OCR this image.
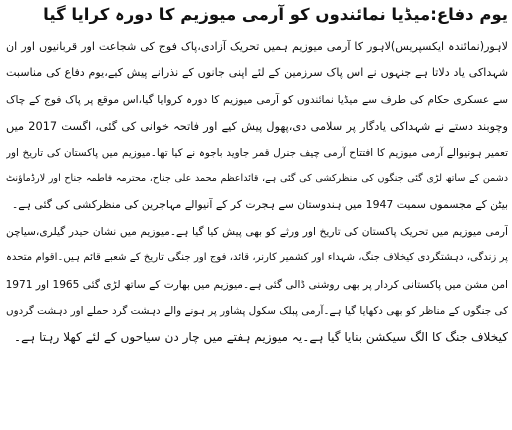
یوم دفاع:میڈیا نمائندوں کو آرمی میوزیم کا دورہ کرایا گیا
لاہور(نمائندہ ایکسپریس)لاہور کا آرمی میوزیم ہمیں تحریک آزادی،پاک فوج کی شجاعت اور قربانیوں اور ان
شہداکی یاد دلاتا ہے جنہوں نے اس پاک سرزمین کے لئے اپنی جانوں کے نذرانے پیش کیے،یوم دفاع کی مناسبت
سے عسکری حکام کی طرف سے میڈیا نمائندوں کو آرمی میوزیم کا دورہ کروایا گیا،اس موقع پر پاک فوج کے چاک
وچوبند دستے نے شہداکی یادگار پر سلامی دی،پھول پیش کیے اور فاتحہ خوانی کی گئی، اگست 2017 میں
تعمیر ہونیوالے آرمی میوزیم کا افتتاح آرمی چیف جنرل قمر جاوید باجوہ نے کیا تھا۔میوزیم میں پاکستان کی تاریخ اور
دشمن کے ساتھ لڑی گئی جنگوں کی منظرکشی کی گئی ہے، قائداعظم محمد علی جناح، محترمہ فاطمہ جناح اور لارڈماؤنٹ
بیٹن کے مجسموں سمیت 1947 میں ہندوستان سے ہجرت کر کے آنیوالے مہاجرین کی منظرکشی کی گئی ہے۔
آرمی میوزیم میں تحریک پاکستان کی تاریخ اور ورثے کو بھی پیش کیا گیا ہے۔میوزیم میں نشان حیدر گیلری،سیاچن
پر زندگی، دہشتگردی کیخلاف جنگ، شہداء اور کشمیر کارنر، قائد، فوج اور جنگی تاریخ کے شعبے قائم ہیں۔اقوام متحدہ
امن مشن میں پاکستانی کردار پر بھی روشنی ڈالی گئی ہے۔میوزیم میں بھارت کے ساتھ لڑی گئی 1965 اور 1971
کی جنگوں کے مناظر کو بھی دکھایا گیا ہے۔آرمی پبلک سکول پشاور پر ہونے والے دہشت گرد حملے اور دہشت گردوں
کیخلاف جنگ کا الگ سیکشن بنایا گیا ہے۔یہ میوزیم ہفتے میں چار دن سیاحوں کے لئے کھلا رہتا ہے۔
